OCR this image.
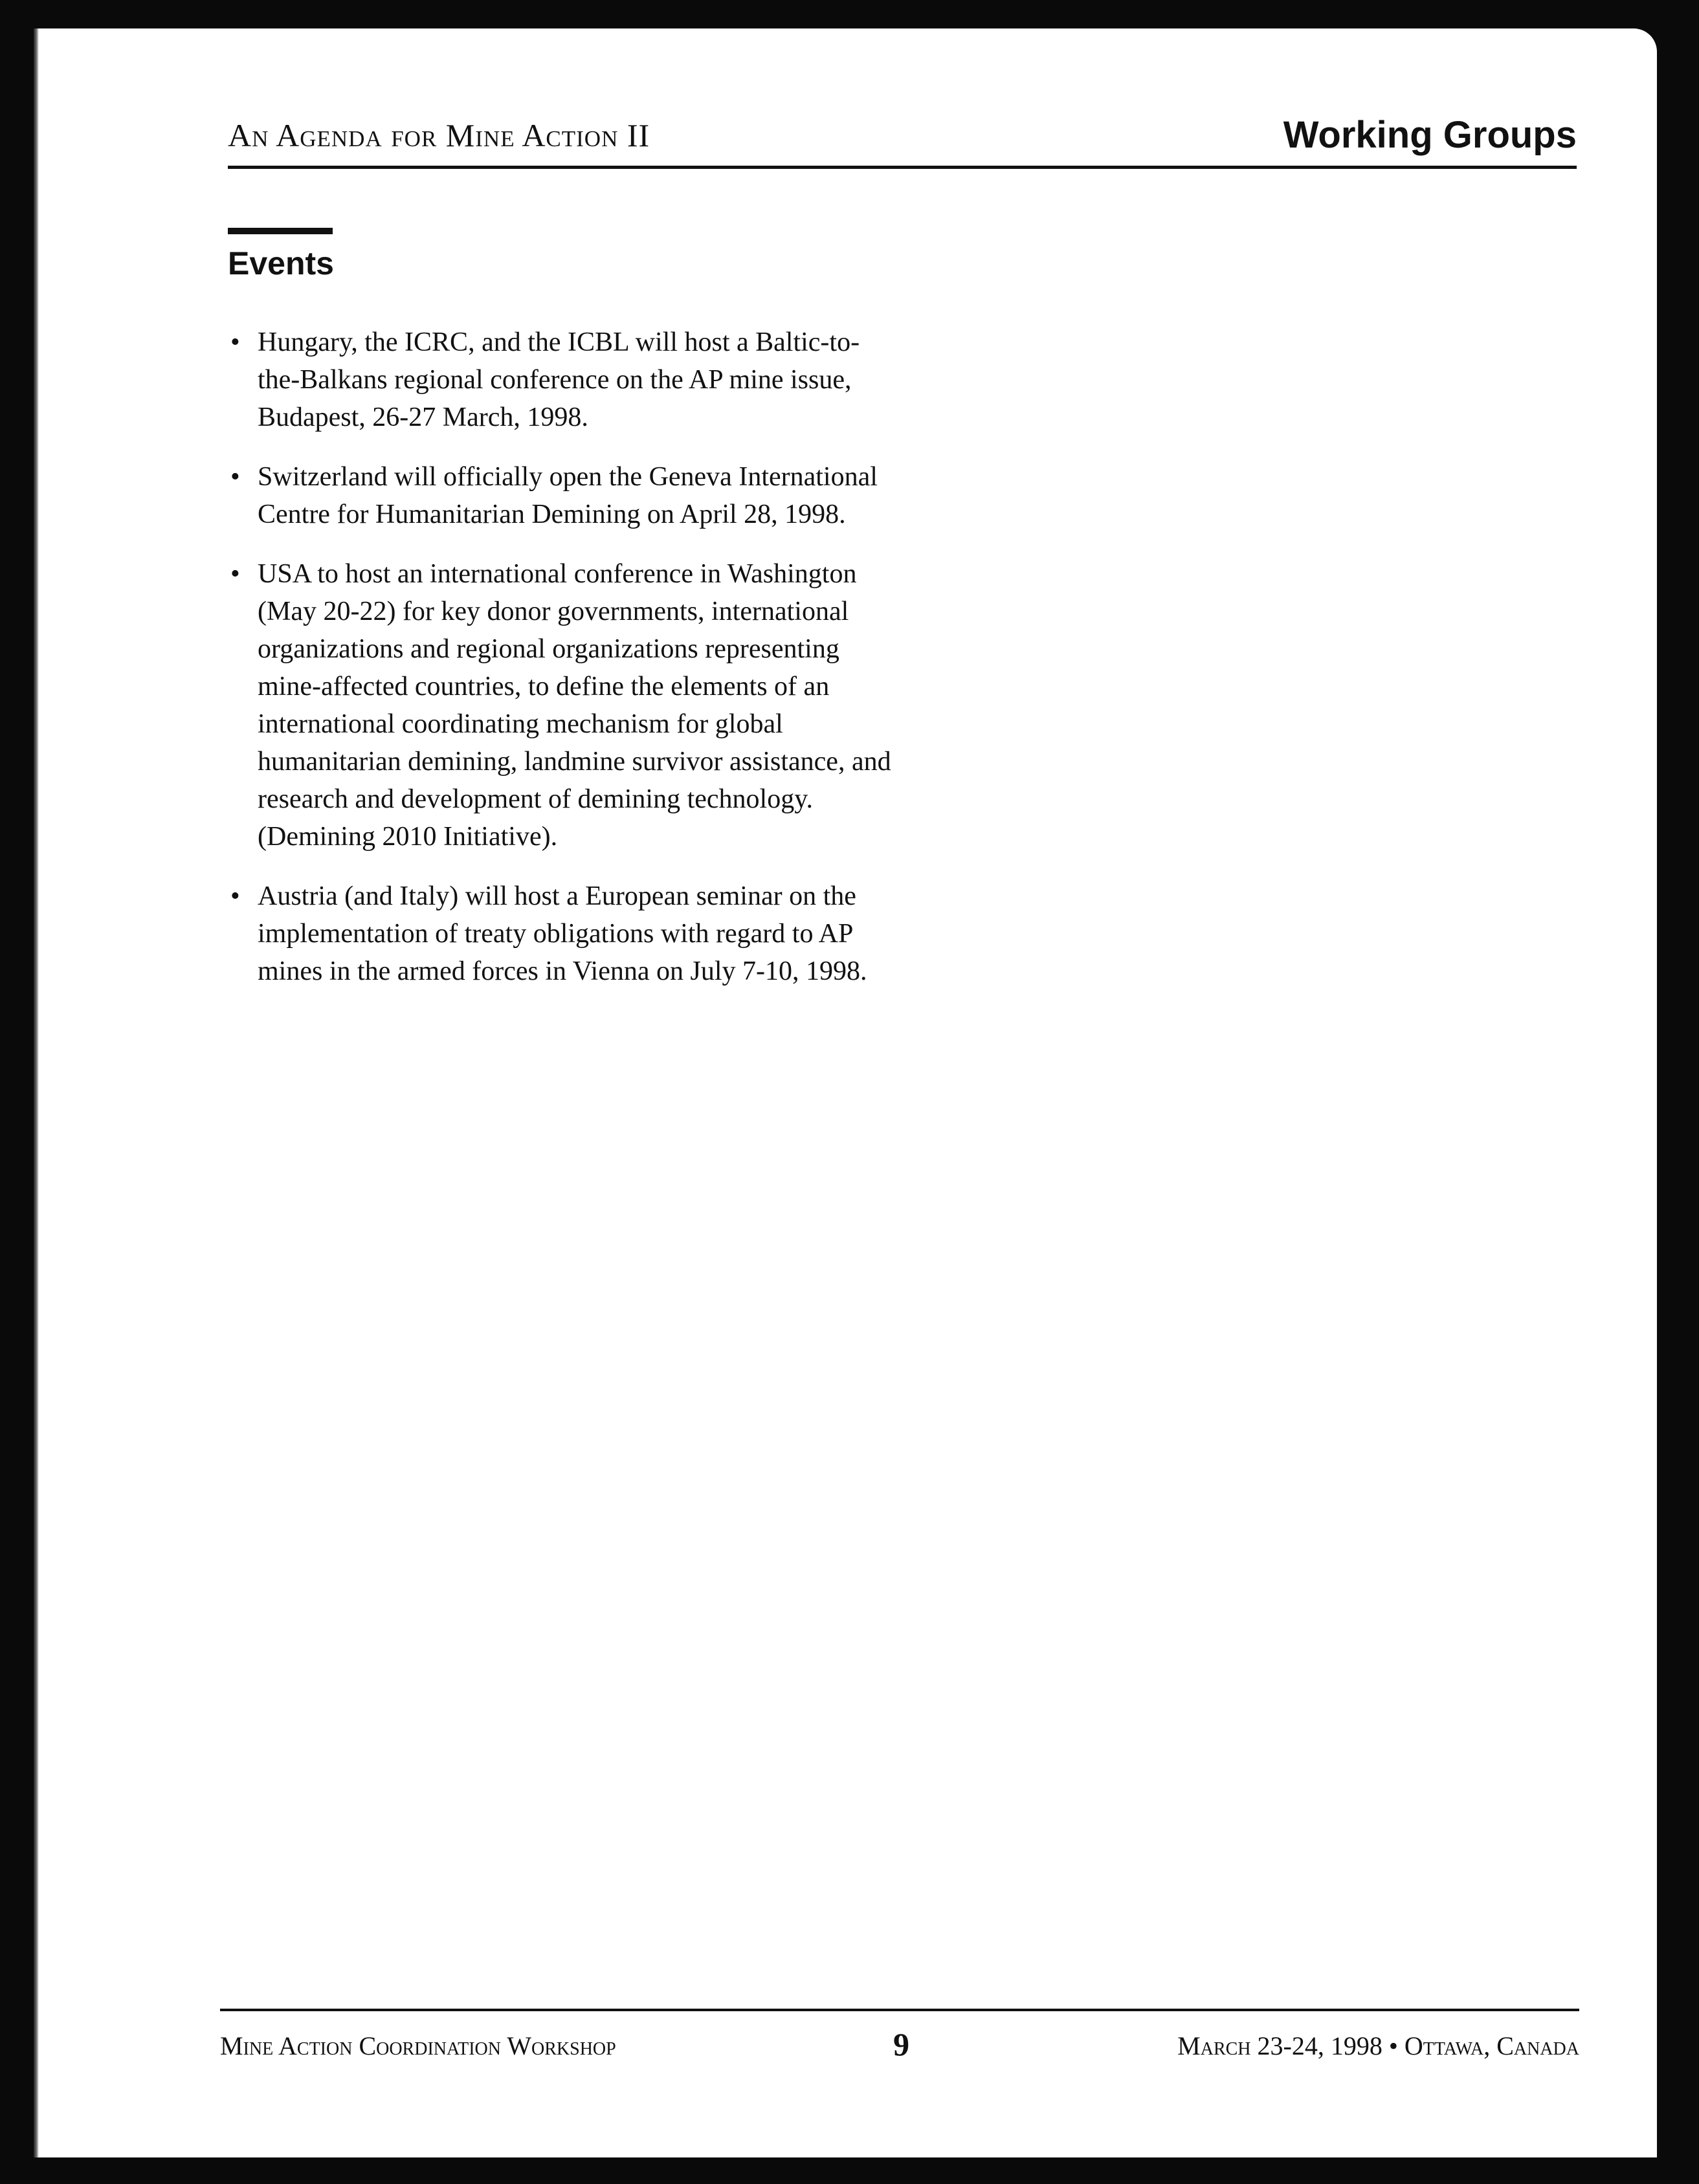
An Agenda for Mine Action II	Working Groups
Events
• Hungary, the ICRC, and the ICBL will host a Baltic-to-the-Balkans regional conference on the AP mine issue, Budapest, 26-27 March, 1998.
• Switzerland will officially open the Geneva International Centre for Humanitarian Demining on April 28, 1998.
• USA to host an international conference in Washington (May 20-22) for key donor governments, international organizations and regional organizations representing mine-affected countries, to define the elements of an international coordinating mechanism for global humanitarian demining, landmine survivor assistance, and research and development of demining technology. (Demining 2010 Initiative).
• Austria (and Italy) will host a European seminar on the implementation of treaty obligations with regard to AP mines in the armed forces in Vienna on July 7-10, 1998.
Mine Action Coordination Workshop	9	March 23-24, 1998 • Ottawa, Canada
